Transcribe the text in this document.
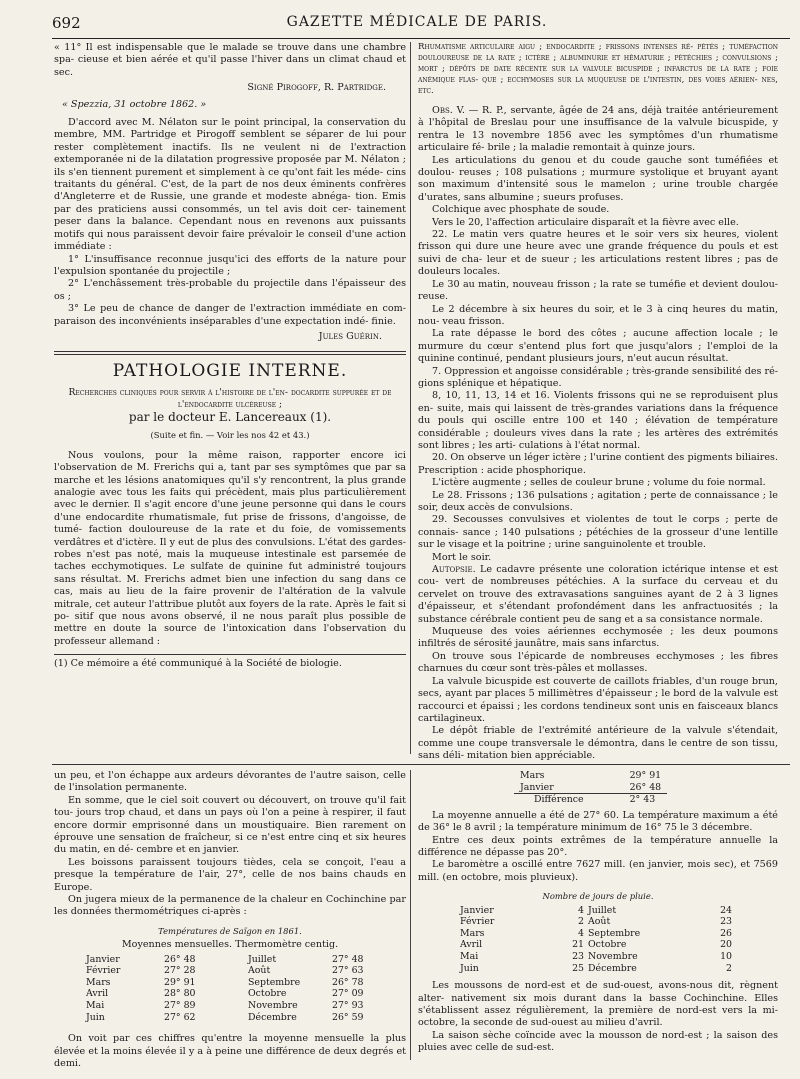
692	GAZETTE MÉDICALE DE PARIS.

« 11° Il est indispensable que le malade se trouve dans une chambre spa- cieuse et bien aérée et qu'il passe l'hiver dans un climat chaud et sec.

Signé Pirogoff, R. Partridge.
« Spezzia, 31 octobre 1862. »

D'accord avec M. Nélaton sur le point principal, la conservation du membre, MM. Partridge et Pirogoff semblent se séparer de lui pour rester complètement inactifs. Ils ne veulent ni de l'extraction extemporanée ni de la dilatation progressive proposée par M. Nélaton ; ils s'en tiennent purement et simplement à ce qu'ont fait les méde- cins traitants du général. C'est, de la part de nos deux éminents confrères d'Angleterre et de Russie, une grande et modeste abnéga- tion. Emis par des praticiens aussi consommés, un tel avis doit cer- tainement peser dans la balance. Cependant nous en revenons aux puissants motifs qui nous paraissent devoir faire prévaloir le conseil d'une action immédiate :

1° L'insuffisance reconnue jusqu'ici des efforts de la nature pour l'expulsion spontanée du projectile ;

2° L'enchâssement très-probable du projectile dans l'épaisseur des os ;

3° Le peu de chance de danger de l'extraction immédiate en com- paraison des inconvénients inséparables d'une expectation indé- finie.

Jules Guérin.
PATHOLOGIE INTERNE.
Recherches cliniques pour servir à l'histoire de l'en- docardite suppurée et de l'endocardite ulcéreuse ;
par le docteur E. Lancereaux (1).
(Suite et fin. — Voir les nos 42 et 43.)

Nous voulons, pour la même raison, rapporter encore ici l'observation de M. Frerichs qui a, tant par ses symptômes que par sa marche et les lésions anatomiques qu'il s'y rencontrent, la plus grande analogie avec tous les faits qui précèdent, mais plus particulièrement avec le dernier. Il s'agit encore d'une jeune personne qui dans le cours d'une endocardite rhumatismale, fut prise de frissons, d'angoisse, de tumé- faction douloureuse de la rate et du foie, de vomissements verdâtres et d'ictère. Il y eut de plus des convulsions. L'état des gardes-robes n'est pas noté, mais la muqueuse intestinale est parsemée de taches ecchymotiques. Le sulfate de quinine fut administré toujours sans résultat. M. Frerichs admet bien une infection du sang dans ce cas, mais au lieu de la faire provenir de l'altération de la valvule mitrale, cet auteur l'attribue plutôt aux foyers de la rate. Après le fait si po- sitif que nous avons observé, il ne nous paraît plus possible de mettre en doute la source de l'intoxication dans l'observation du professeur allemand :

(1) Ce mémoire a été communiqué à la Société de biologie.

Rhumatisme articulaire aigu ; endocardite ; frissons intenses ré- pétés ; tuméfaction douloureuse de la rate ; ictère ; albuminurie et hématurie ; pétéchies ; convulsions ; mort ; dépôts de date récente sur la valvule bicuspide ; infarctus de la rate ; foie anémique flas- que ; ecchymoses sur la muqueuse de l'intestin, des voies aérien- nes, etc.

Obs. V. — R. P., servante, âgée de 24 ans, déjà traitée antérieurement à l'hôpital de Breslau pour une insuffisance de la valvule bicuspide, y rentra le 13 novembre 1856 avec les symptômes d'un rhumatisme articulaire fé- brile ; la maladie remontait à quinze jours.

Les articulations du genou et du coude gauche sont tuméfiées et doulou- reuses ; 108 pulsations ; murmure systolique et bruyant ayant son maximum d'intensité sous le mamelon ; urine trouble chargée d'urates, sans albumine ; sueurs profuses.

Colchique avec phosphate de soude.

Vers le 20, l'affection articulaire disparaît et la fièvre avec elle.

22. Le matin vers quatre heures et le soir vers six heures, violent frisson qui dure une heure avec une grande fréquence du pouls et est suivi de cha- leur et de sueur ; les articulations restent libres ; pas de douleurs locales.

Le 30 au matin, nouveau frisson ; la rate se tuméfie et devient doulou- reuse.

Le 2 décembre à six heures du soir, et le 3 à cinq heures du matin, nou- veau frisson.

La rate dépasse le bord des côtes ; aucune affection locale ; le murmure du cœur s'entend plus fort que jusqu'alors ; l'emploi de la quinine continué, pendant plusieurs jours, n'eut aucun résultat.

7. Oppression et angoisse considérable ; très-grande sensibilité des ré- gions splénique et hépatique.

8, 10, 11, 13, 14 et 16. Violents frissons qui ne se reproduisent plus en- suite, mais qui laissent de très-grandes variations dans la fréquence du pouls qui oscille entre 100 et 140 ; élévation de température considérable ; douleurs vives dans la rate ; les artères des extrémités sont libres ; les arti- culations à l'état normal.

20. On observe un léger ictère ; l'urine contient des pigments biliaires. Prescription : acide phosphorique.

L'ictère augmente ; selles de couleur brune ; volume du foie normal.

Le 28. Frissons ; 136 pulsations ; agitation ; perte de connaissance ; le soir, deux accès de convulsions.

29. Secousses convulsives et violentes de tout le corps ; perte de connais- sance ; 140 pulsations ; pétéchies de la grosseur d'une lentille sur le visage et la poitrine ; urine sanguinolente et trouble.

Mort le soir.

Autopsie. Le cadavre présente une coloration ictérique intense et est cou- vert de nombreuses pétéchies. A la surface du cerveau et du cervelet on trouve des extravasations sanguines ayant de 2 à 3 lignes d'épaisseur, et s'étendant profondément dans les anfractuosités ; la substance cérébrale contient peu de sang et a sa consistance normale.

Muqueuse des voies aériennes ecchymosée ; les deux poumons infiltrés de sérosité jaunâtre, mais sans infarctus.

On trouve sous l'épicarde de nombreuses ecchymoses ; les fibres charnues du cœur sont très-pâles et mollasses.

La valvule bicuspide est couverte de caillots friables, d'un rouge brun, secs, ayant par places 5 millimètres d'épaisseur ; le bord de la valvule est raccourci et épaissi ; les cordons tendineux sont unis en faisceaux blancs cartilagineux.

Le dépôt friable de l'extrémité antérieure de la valvule s'étendait, comme une coupe transversale le démontra, dans le centre de son tissu, sans déli- mitation bien appréciable.

un peu, et l'on échappe aux ardeurs dévorantes de l'autre saison, celle de l'insolation permanente.

En somme, que le ciel soit couvert ou découvert, on trouve qu'il fait tou- jours trop chaud, et dans un pays où l'on a peine à respirer, il faut encore dormir emprisonné dans un moustiquaire. Bien rarement on éprouve une sensation de fraîcheur, si ce n'est entre cinq et six heures du matin, en dé- cembre et en janvier.

Les boissons paraissent toujours tièdes, cela se conçoit, l'eau a presque la température de l'air, 27°, celle de nos bains chauds en Europe.

On jugera mieux de la permanence de la chaleur en Cochinchine par les données thermométriques ci-après :

Températures de Saïgon en 1861.
Moyennes mensuelles. Thermomètre centig.
Janvier	26° 48	Juillet	27° 48
Février	27° 28	Août	27° 63
Mars	29° 91	Septembre	26° 78
Avril	28° 80	Octobre	27° 09
Mai	27° 89	Novembre	27° 93
Juin	27° 62	Décembre	26° 59

On voit par ces chiffres qu'entre la moyenne mensuelle la plus élevée et la moins élevée il y a à peine une différence de deux degrés et demi.

Mars	29° 91
Janvier	26° 48
Différence	2° 43

La moyenne annuelle a été de 27° 60. La température maximum a été de 36° le 8 avril ; la température minimum de 16° 75 le 3 décembre.

Entre ces deux points extrêmes de la température annuelle la différence ne dépasse pas 20°.

Le baromètre a oscillé entre 7627 mill. (en janvier, mois sec), et 7569 mill. (en octobre, mois pluvieux).

Nombre de jours de pluie.
Janvier	4	Juillet	24
Février	2	Août	23
Mars	4	Septembre	26
Avril	21	Octobre	20
Mai	23	Novembre	10
Juin	25	Décembre	2

Les moussons de nord-est et de sud-ouest, avons-nous dit, règnent alter- nativement six mois durant dans la basse Cochinchine. Elles s'établissent assez régulièrement, la première de nord-est vers la mi-octobre, la seconde de sud-ouest au milieu d'avril.

La saison sèche coïncide avec la mousson de nord-est ; la saison des pluies avec celle de sud-est.
